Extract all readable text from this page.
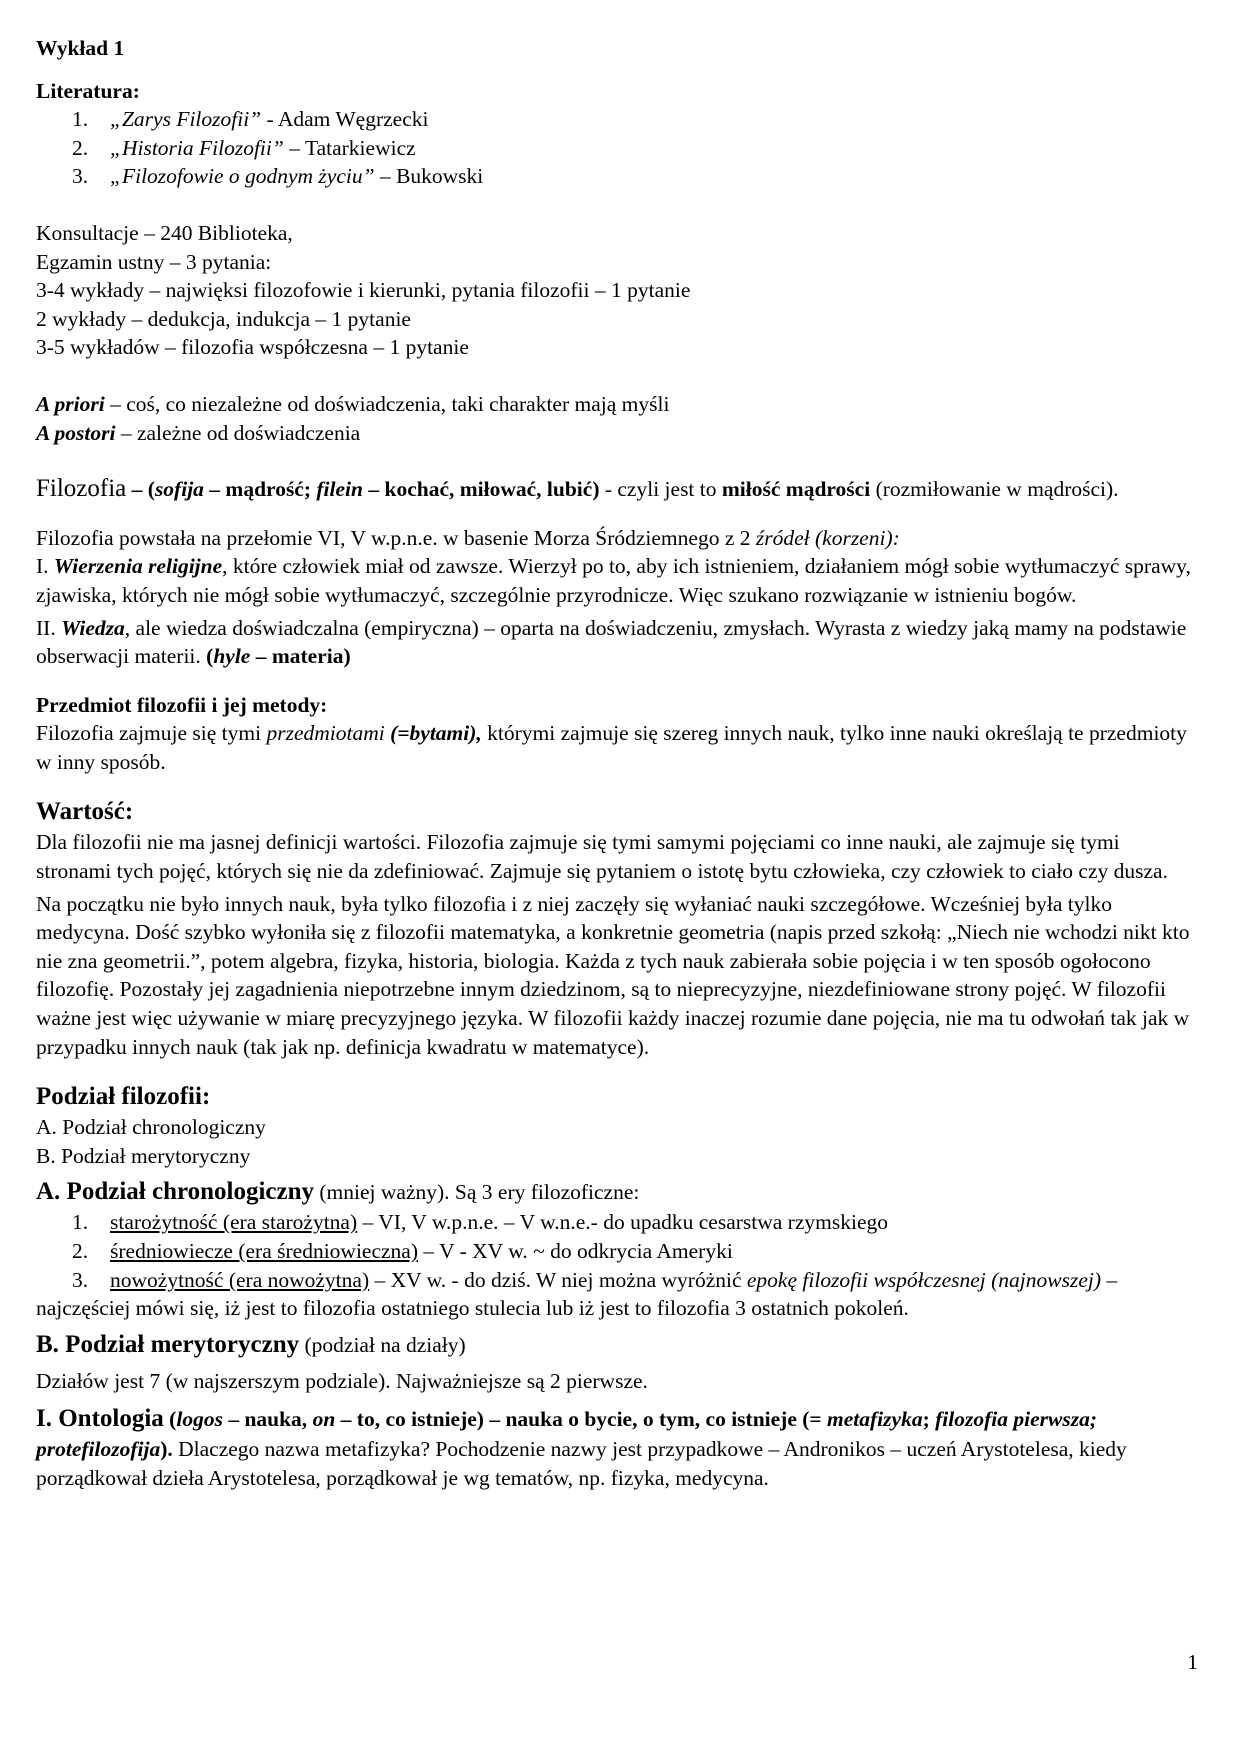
Wykład 1

Literatura:

1. „Zarys Filozofii” - Adam Węgrzecki
2. „Historia Filozofii” – Tatarkiewicz
3. „Filozofowie o godnym życiu” – Bukowski

Konsultacje – 240 Biblioteka,

Egzamin ustny – 3 pytania:

3-4 wykłady – najwięksi filozofowie i kierunki, pytania filozofii – 1 pytanie

2 wykłady – dedukcja, indukcja – 1 pytanie

3-5 wykładów – filozofia współczesna – 1 pytanie

A priori – coś, co niezależne od doświadczenia, taki charakter mają myśli

A postori – zależne od doświadczenia

Filozofia – (sofija – mądrość; filein – kochać, miłować, lubić) - czyli jest to miłość mądrości (rozmiłowanie w mądrości).

Filozofia powstała na przełomie VI, V w.p.n.e. w basenie Morza Śródziemnego z 2 źródeł (korzeni):

I. Wierzenia religijne, które człowiek miał od zawsze. Wierzył po to, aby ich istnieniem, działaniem mógł sobie wytłumaczyć sprawy, zjawiska, których nie mógł sobie wytłumaczyć, szczególnie przyrodnicze. Więc szukano rozwiązanie w istnieniu bogów.

II. Wiedza, ale wiedza doświadczalna (empiryczna) – oparta na doświadczeniu, zmysłach. Wyrasta z wiedzy jaką mamy na podstawie obserwacji materii. (hyle – materia)

Przedmiot filozofii i jej metody:

Filozofia zajmuje się tymi przedmiotami (=bytami), którymi zajmuje się szereg innych nauk, tylko inne nauki określają te przedmioty w inny sposób.

Wartość:

Dla filozofii nie ma jasnej definicji wartości. Filozofia zajmuje się tymi samymi pojęciami co inne nauki, ale zajmuje się tymi stronami tych pojęć, których się nie da zdefiniować. Zajmuje się pytaniem o istotę bytu człowieka, czy człowiek to ciało czy dusza.

Na początku nie było innych nauk, była tylko filozofia i z niej zaczęły się wyłaniać nauki szczegółowe. Wcześniej była tylko medycyna. Dość szybko wyłoniła się z filozofii matematyka, a konkretnie geometria (napis przed szkołą: „Niech nie wchodzi nikt kto nie zna geometrii.”, potem algebra, fizyka, historia, biologia. Każda z tych nauk zabierała sobie pojęcia i w ten sposób ogołocono filozofię. Pozostały jej zagadnienia niepotrzebne innym dziedzinom, są to nieprecyzyjne, niezdefiniowane strony pojęć. W filozofii ważne jest więc używanie w miarę precyzyjnego języka. W filozofii każdy inaczej rozumie dane pojęcia, nie ma tu odwołań tak jak w przypadku innych nauk (tak jak np. definicja kwadratu w matematyce).

Podział filozofii:

A. Podział chronologiczny

B. Podział merytoryczny

A. Podział chronologiczny (mniej ważny). Są 3 ery filozoficzne:

1. starożytność (era starożytna) – VI, V w.p.n.e. – V w.n.e.- do upadku cesarstwa rzymskiego
2. średniowiecze (era średniowieczna) – V - XV w. ~ do odkrycia Ameryki
3. nowożytność (era nowożytna) – XV w. - do dziś. W niej można wyróżnić epokę filozofii współczesnej (najnowszej) – najczęściej mówi się, iż jest to filozofia ostatniego stulecia lub iż jest to filozofia 3 ostatnich pokoleń.

B. Podział merytoryczny (podział na działy)

Działów jest 7 (w najszerszym podziale). Najważniejsze są 2 pierwsze.

I. Ontologia (logos – nauka, on – to, co istnieje) – nauka o bycie, o tym, co istnieje (= metafizyka; filozofia pierwsza; protefilozofija). Dlaczego nazwa metafizyka? Pochodzenie nazwy jest przypadkowe – Andronikos – uczeń Arystotelesa, kiedy porządkował dzieła Arystotelesa, porządkował je wg tematów, np. fizyka, medycyna.

1
